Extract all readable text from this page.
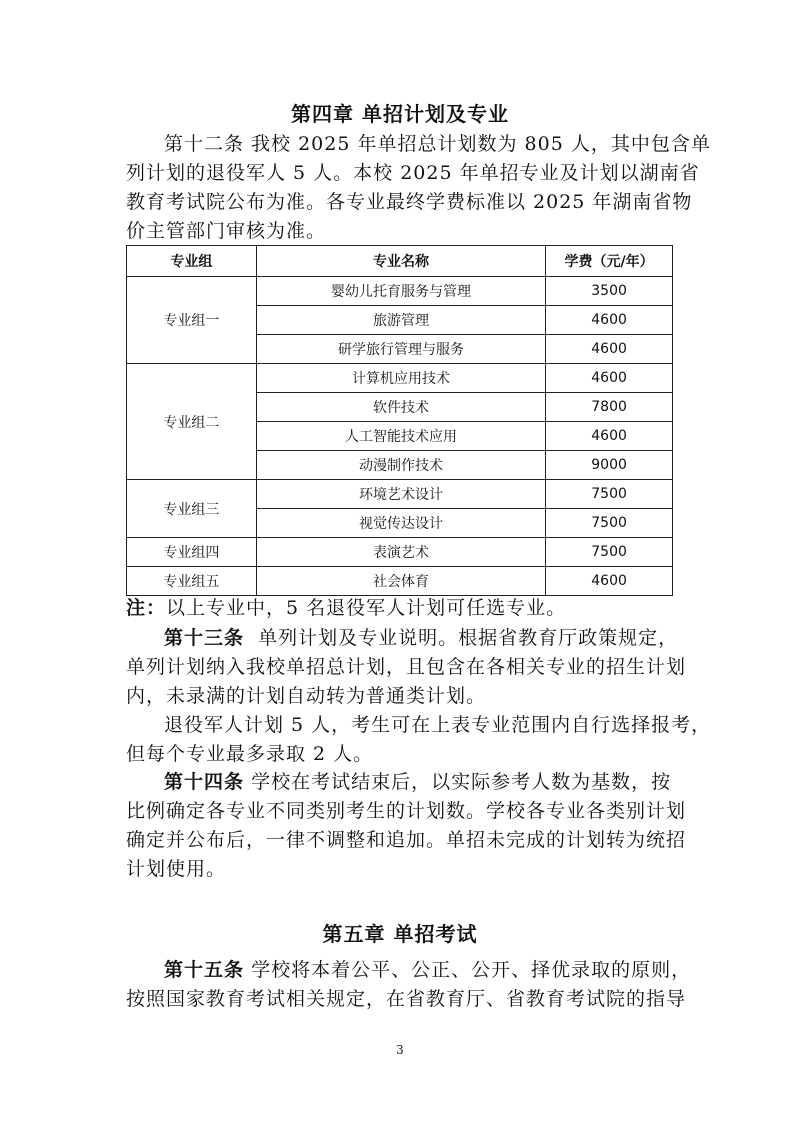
第四章 单招计划及专业
第十二条 我校 2025 年单招总计划数为 805 人，其中包含单
列计划的退役军人 5 人。本校 2025 年单招专业及计划以湖南省
教育考试院公布为准。各专业最终学费标准以 2025 年湖南省物
价主管部门审核为准。
专业组	专业名称	学费（元/年）
专业组一	婴幼儿托育服务与管理	3500
	旅游管理	4600
	研学旅行管理与服务	4600
专业组二	计算机应用技术	4600
	软件技术	7800
	人工智能技术应用	4600
	动漫制作技术	9000
专业组三	环境艺术设计	7500
	视觉传达设计	7500
专业组四	表演艺术	7500
专业组五	社会体育	4600
注：以上专业中，5 名退役军人计划可任选专业。
第十三条 单列计划及专业说明。根据省教育厅政策规定，
单列计划纳入我校单招总计划，且包含在各相关专业的招生计划
内，未录满的计划自动转为普通类计划。
退役军人计划 5 人，考生可在上表专业范围内自行选择报考，
但每个专业最多录取 2 人。
第十四条 学校在考试结束后，以实际参考人数为基数，按
比例确定各专业不同类别考生的计划数。学校各专业各类别计划
确定并公布后，一律不调整和追加。单招未完成的计划转为统招
计划使用。
第五章 单招考试
第十五条 学校将本着公平、公正、公开、择优录取的原则，
按照国家教育考试相关规定，在省教育厅、省教育考试院的指导
3
